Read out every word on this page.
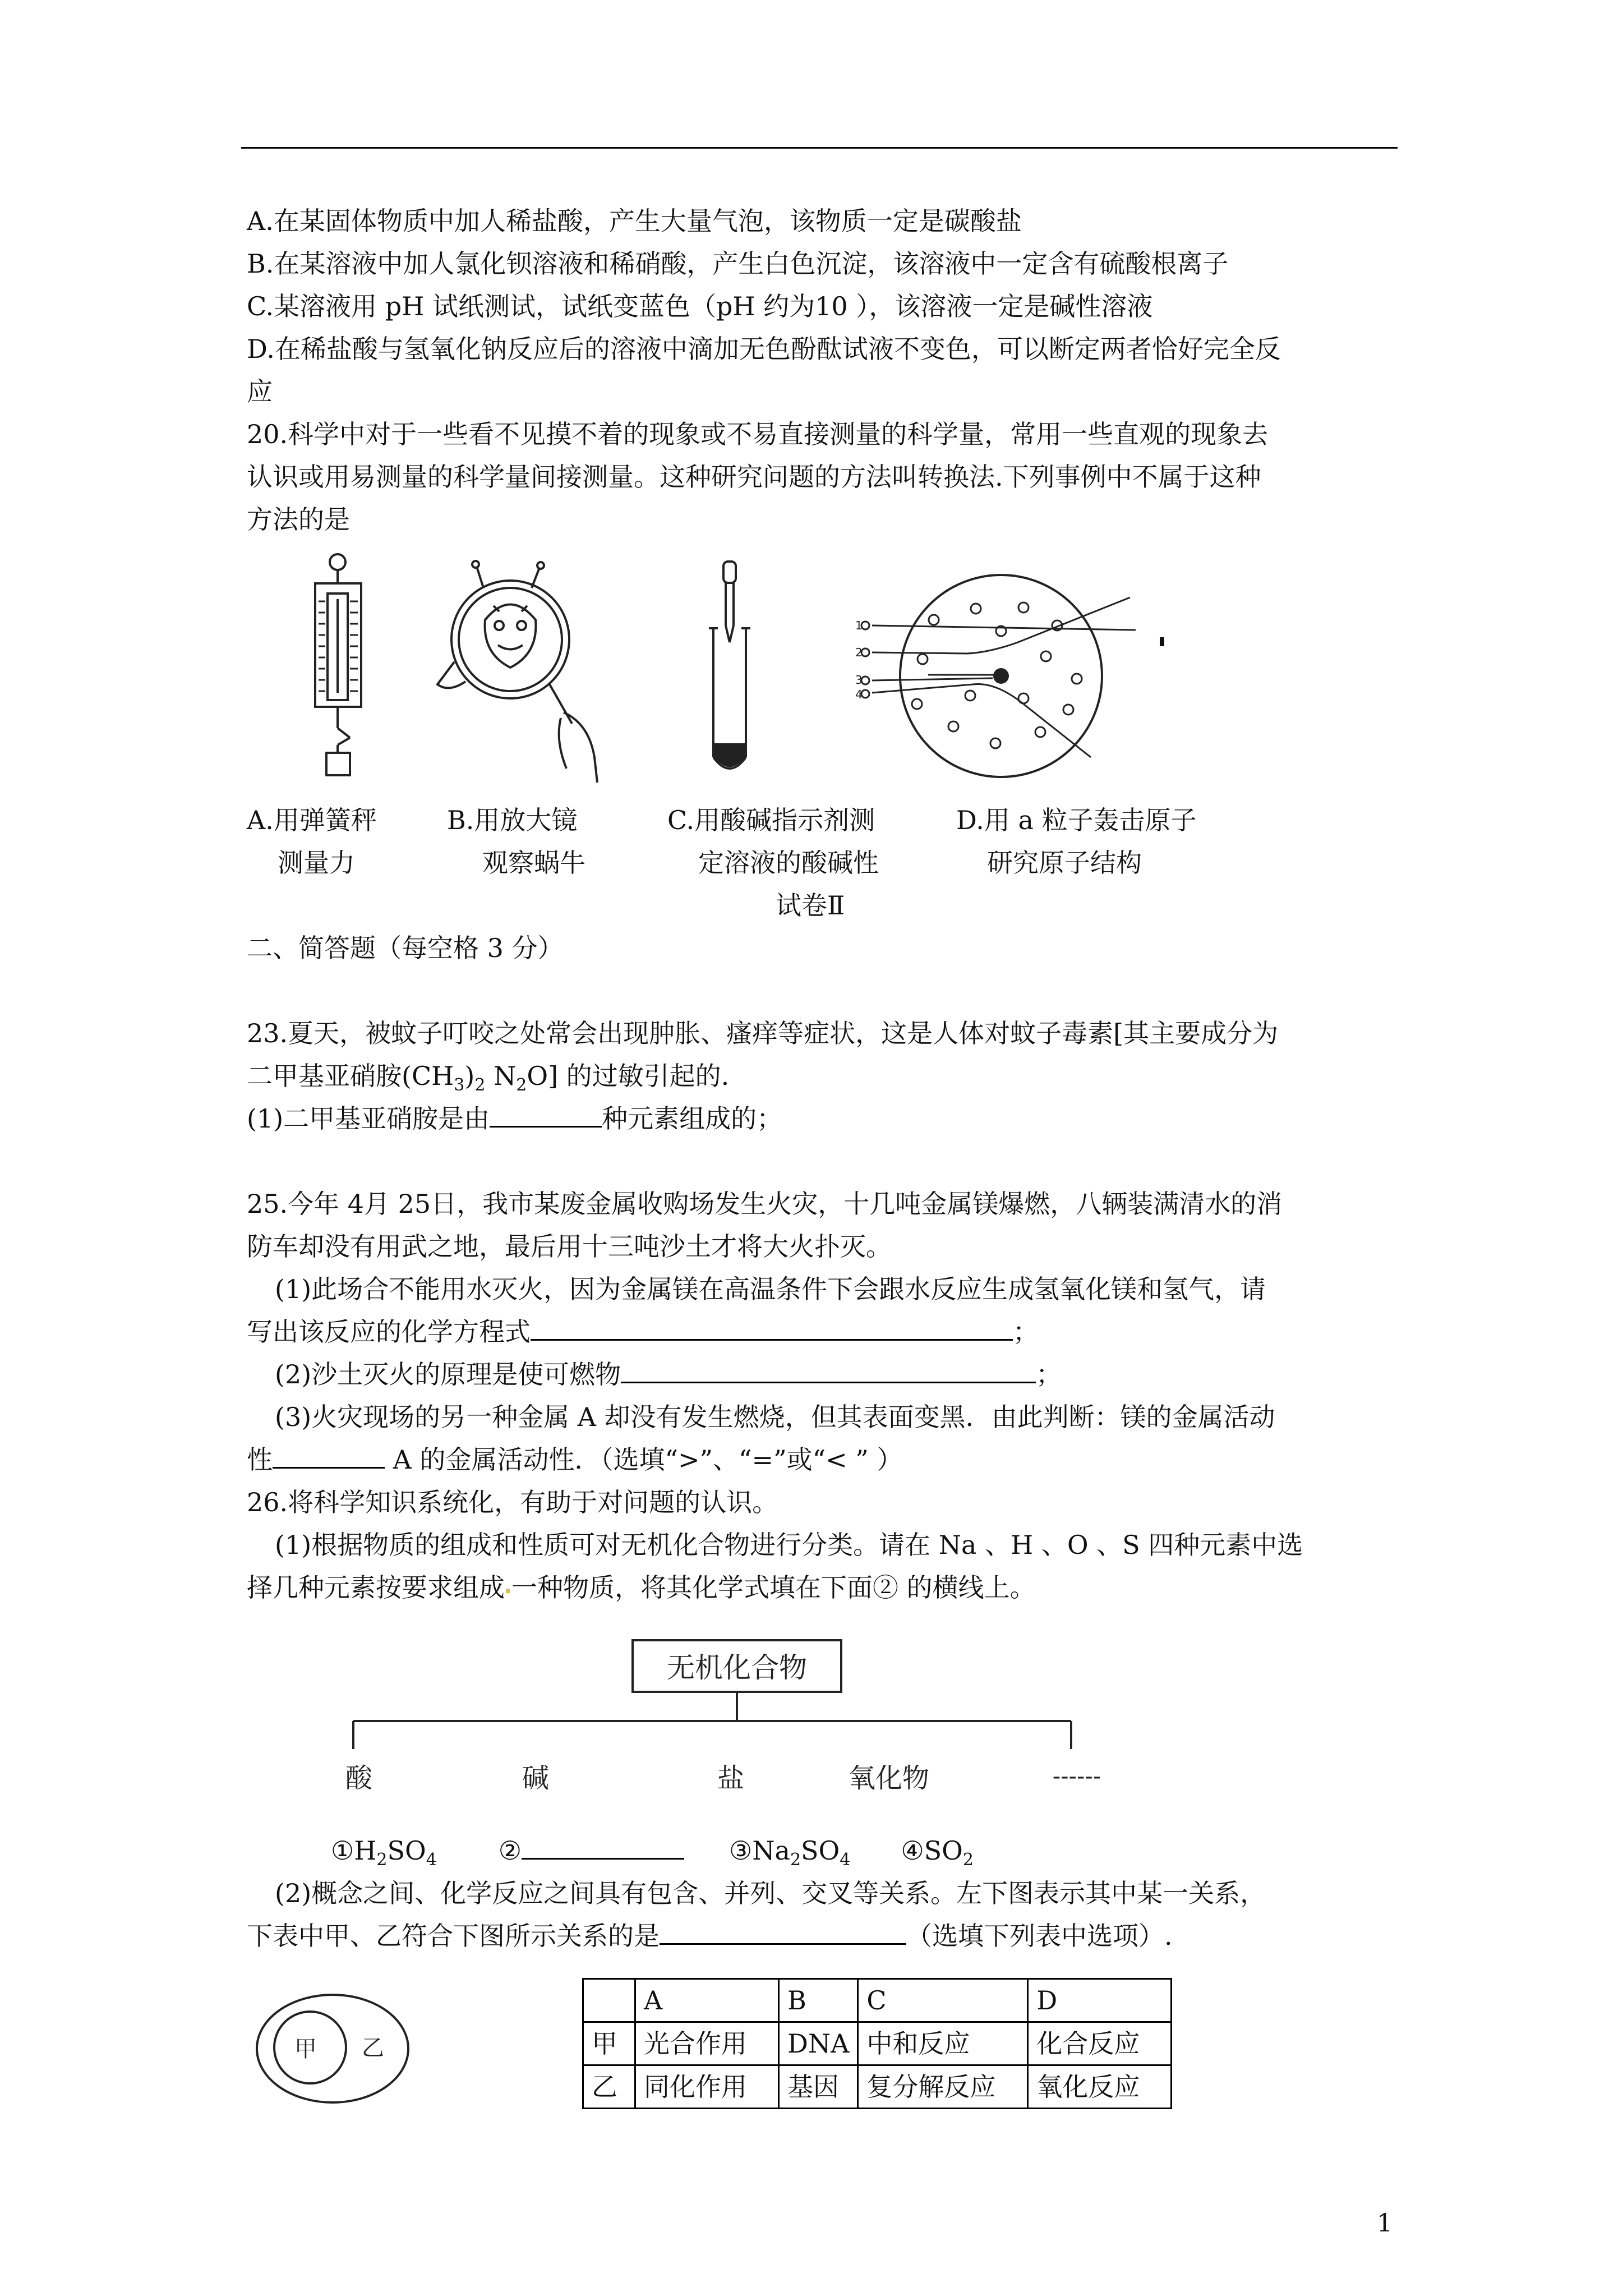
A.在某固体物质中加人稀盐酸，产生大量气泡，该物质一定是碳酸盐
B.在某溶液中加人氯化钡溶液和稀硝酸，产生白色沉淀，该溶液中一定含有硫酸根离子
C.某溶液用 pH 试纸测试，试纸变蓝色（pH 约为10 ），该溶液一定是碱性溶液
D.在稀盐酸与氢氧化钠反应后的溶液中滴加无色酚酞试液不变色，可以断定两者恰好完全反
应
20.科学中对于一些看不见摸不着的现象或不易直接测量的科学量，常用一些直观的现象去
认识或用易测量的科学量间接测量。这种研究问题的方法叫转换法.下列事例中不属于这种
方法的是
1
2
3
4
A.用弹簧秤
测量力
B.用放大镜
观察蜗牛
C.用酸碱指示剂测
定溶液的酸碱性
D.用 a 粒子轰击原子
研究原子结构
试卷Ⅱ
二、简答题（每空格 3 分）
23.夏天，被蚊子叮咬之处常会出现肿胀、瘙痒等症状，这是人体对蚊子毒素[其主要成分为
二甲基亚硝胺$(CH_3)_2$ $N_2O$] 的过敏引起的.
(1)二甲基亚硝胺是由	种元素组成的；
25.今年 4月 25日，我市某废金属收购场发生火灾，十几吨金属镁爆燃，八辆装满清水的消
防车却没有用武之地，最后用十三吨沙土才将大火扑灭。
(1)此场合不能用水灭火，因为金属镁在高温条件下会跟水反应生成氢氧化镁和氢气，请
写出该反应的化学方程式	；
(2)沙土灭火的原理是使可燃物	；
(3)火灾现场的另一种金属 A 却没有发生燃烧，但其表面变黑．由此判断：镁的金属活动
性	A 的金属活动性．（选填“>”、“=”或“< ” ）
26.将科学知识系统化，有助于对问题的认识。
(1)根据物质的组成和性质可对无机化合物进行分类。请在 Na 、H 、O 、S 四种元素中选
择几种元素按要求组成 一种物质，将其化学式填在下面② 的横线上。
无机化合物
酸	碱	盐	氧化物	------
$①H_2SO_4$ ②	$③Na_2SO_4$ $④SO_2$
(2)概念之间、化学反应之间具有包含、并列、交叉等关系。左下图表示其中某一关系，
下表中甲、乙符合下图所示关系的是	（选填下列表中选项）.
甲 乙
	A	B	C	D
甲	光合作用	DNA	中和反应	化合反应
乙	同化作用	基因	复分解反应	氧化反应
1
